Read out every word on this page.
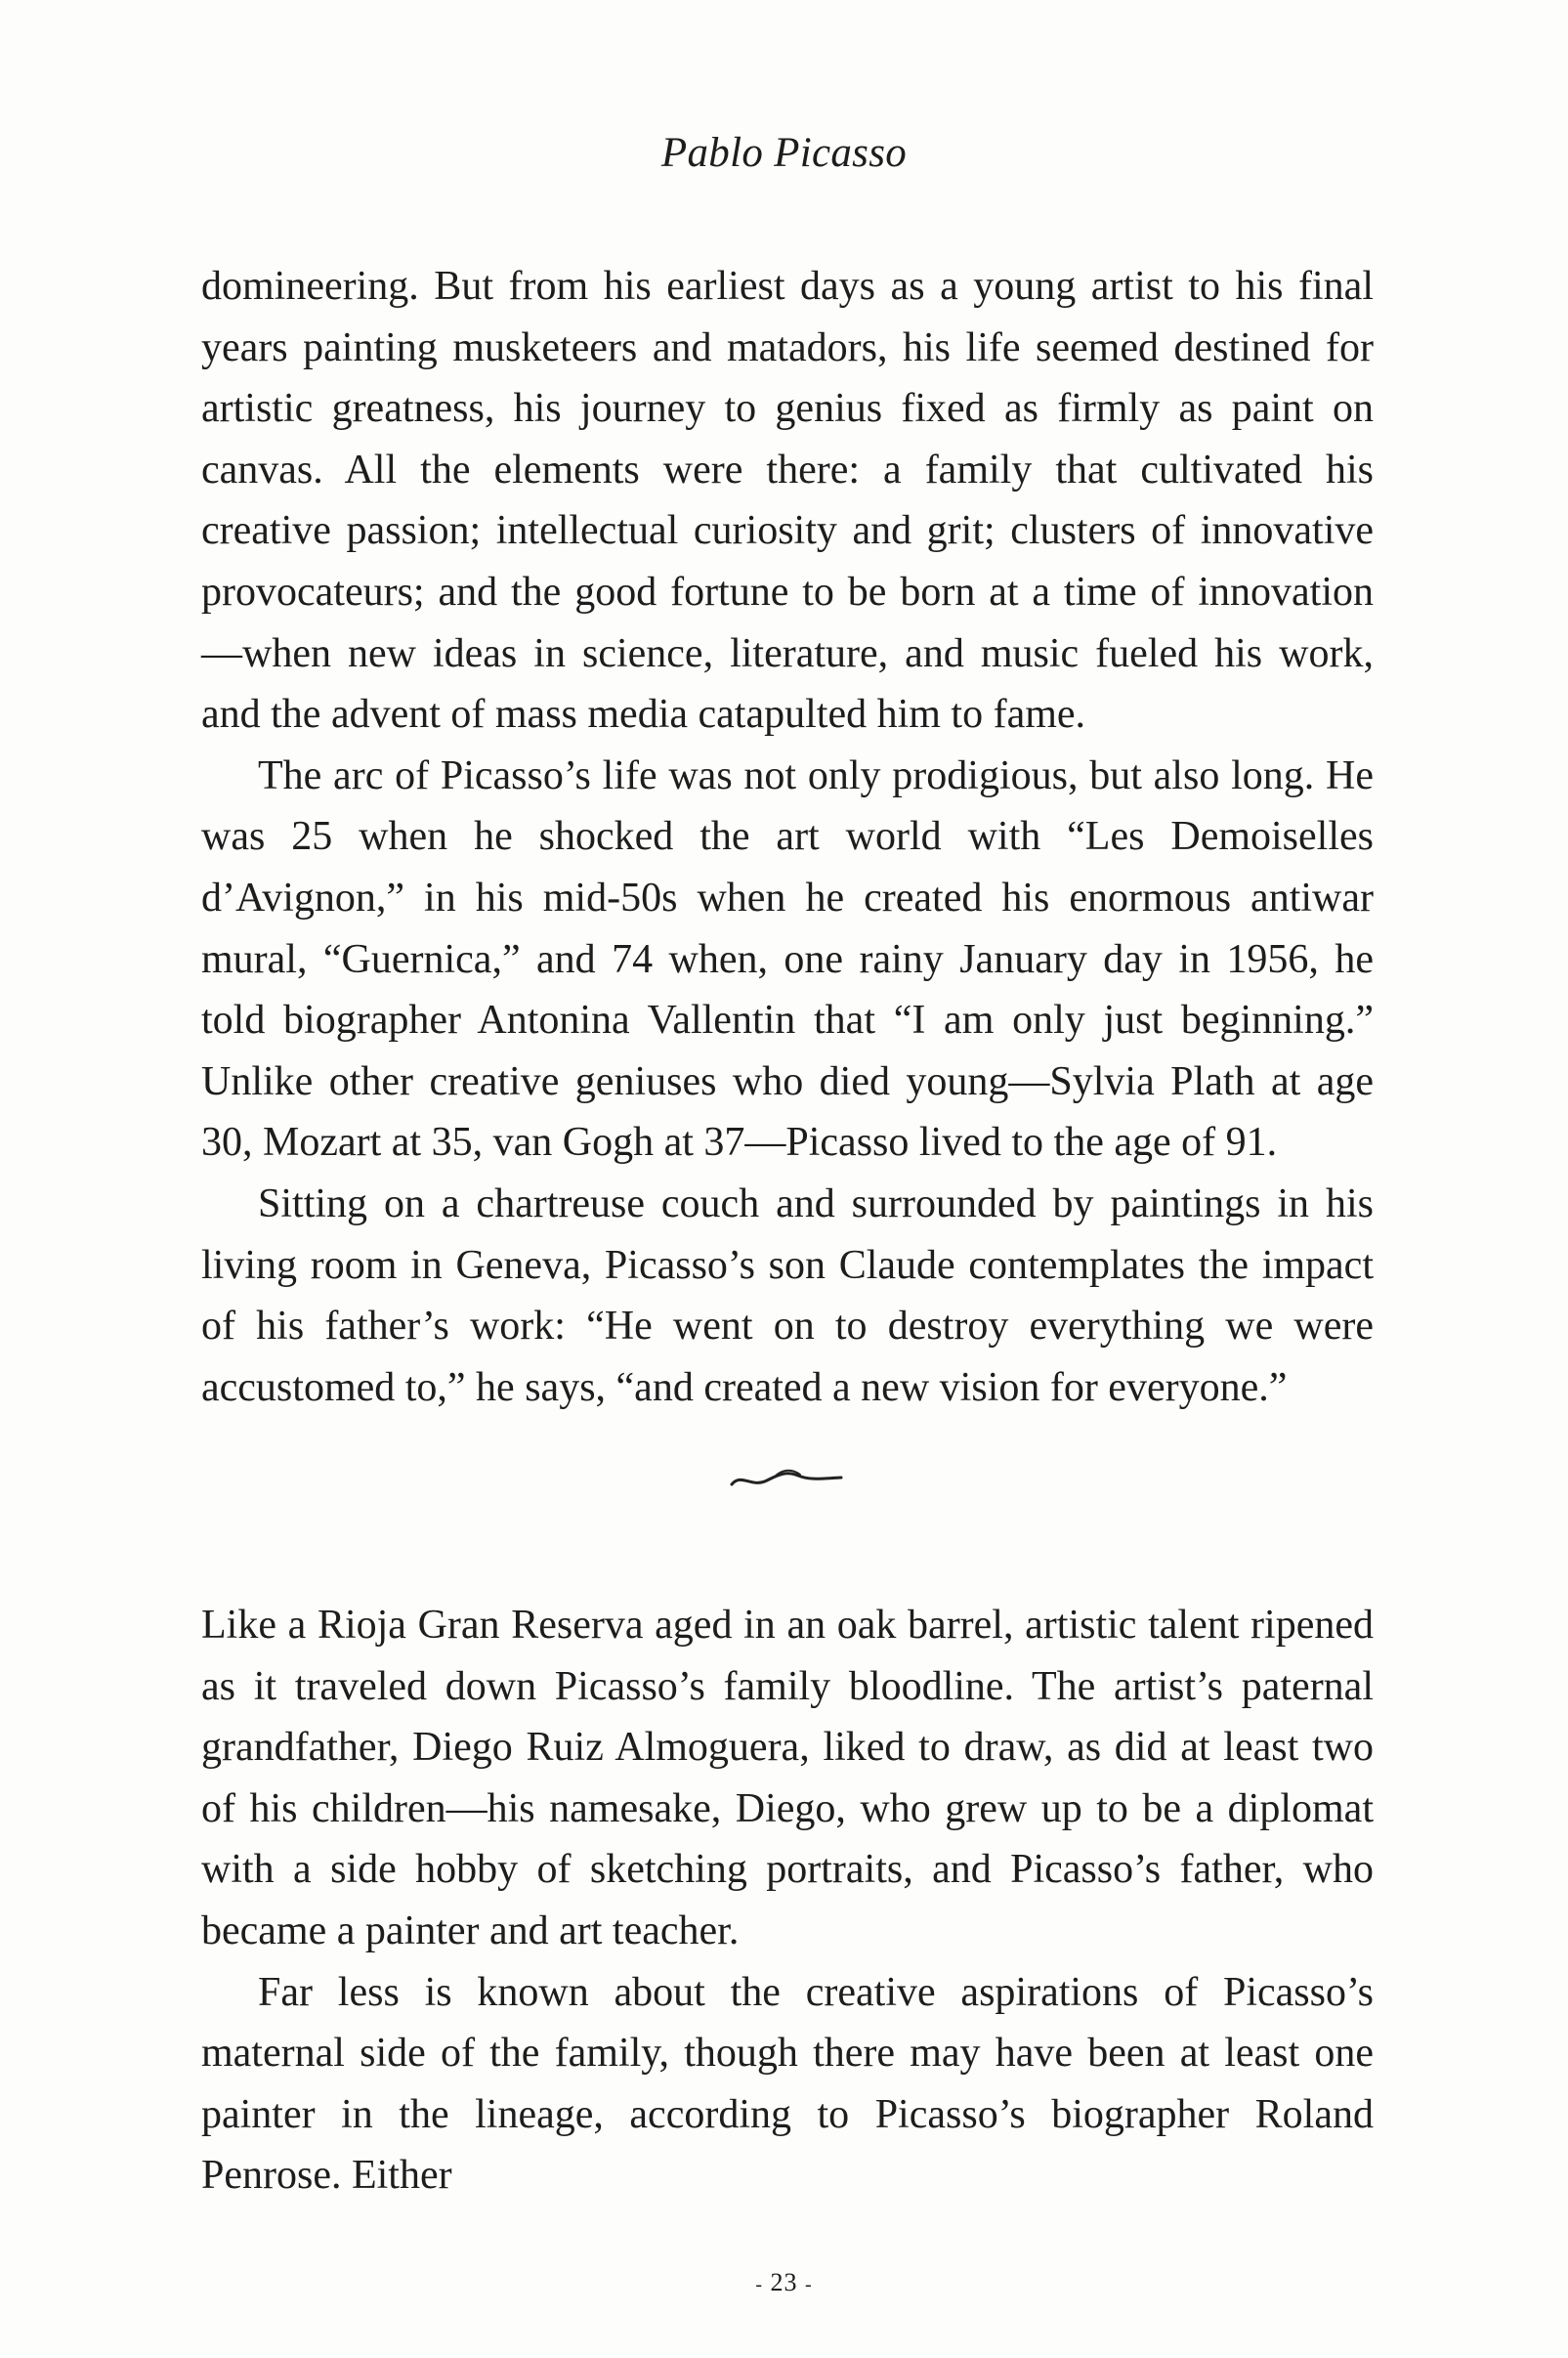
Pablo Picasso

domineering. But from his earliest days as a young artist to his final years painting musketeers and matadors, his life seemed destined for artistic greatness, his journey to genius fixed as firmly as paint on canvas. All the elements were there: a family that cultivated his creative passion; intellectual curiosity and grit; clusters of innovative provocateurs; and the good fortune to be born at a time of innovation—when new ideas in science, literature, and music fueled his work, and the advent of mass media catapulted him to fame.

The arc of Picasso’s life was not only prodigious, but also long. He was 25 when he shocked the art world with “Les Demoiselles d’Avignon,” in his mid-50s when he created his enormous antiwar mural, “Guernica,” and 74 when, one rainy January day in 1956, he told biographer Antonina Vallentin that “I am only just beginning.” Unlike other creative geniuses who died young—Sylvia Plath at age 30, Mozart at 35, van Gogh at 37—Picasso lived to the age of 91.

Sitting on a chartreuse couch and surrounded by paintings in his living room in Geneva, Picasso’s son Claude contemplates the impact of his father’s work: “He went on to destroy everything we were accustomed to,” he says, “and created a new vision for everyone.”

Like a Rioja Gran Reserva aged in an oak barrel, artistic talent ripened as it traveled down Picasso’s family bloodline. The artist’s paternal grandfather, Diego Ruiz Almoguera, liked to draw, as did at least two of his children—his namesake, Diego, who grew up to be a diplomat with a side hobby of sketching portraits, and Picasso’s father, who became a painter and art teacher.

Far less is known about the creative aspirations of Picasso’s maternal side of the family, though there may have been at least one painter in the lineage, according to Picasso’s biographer Roland Penrose. Either

- 23 -
